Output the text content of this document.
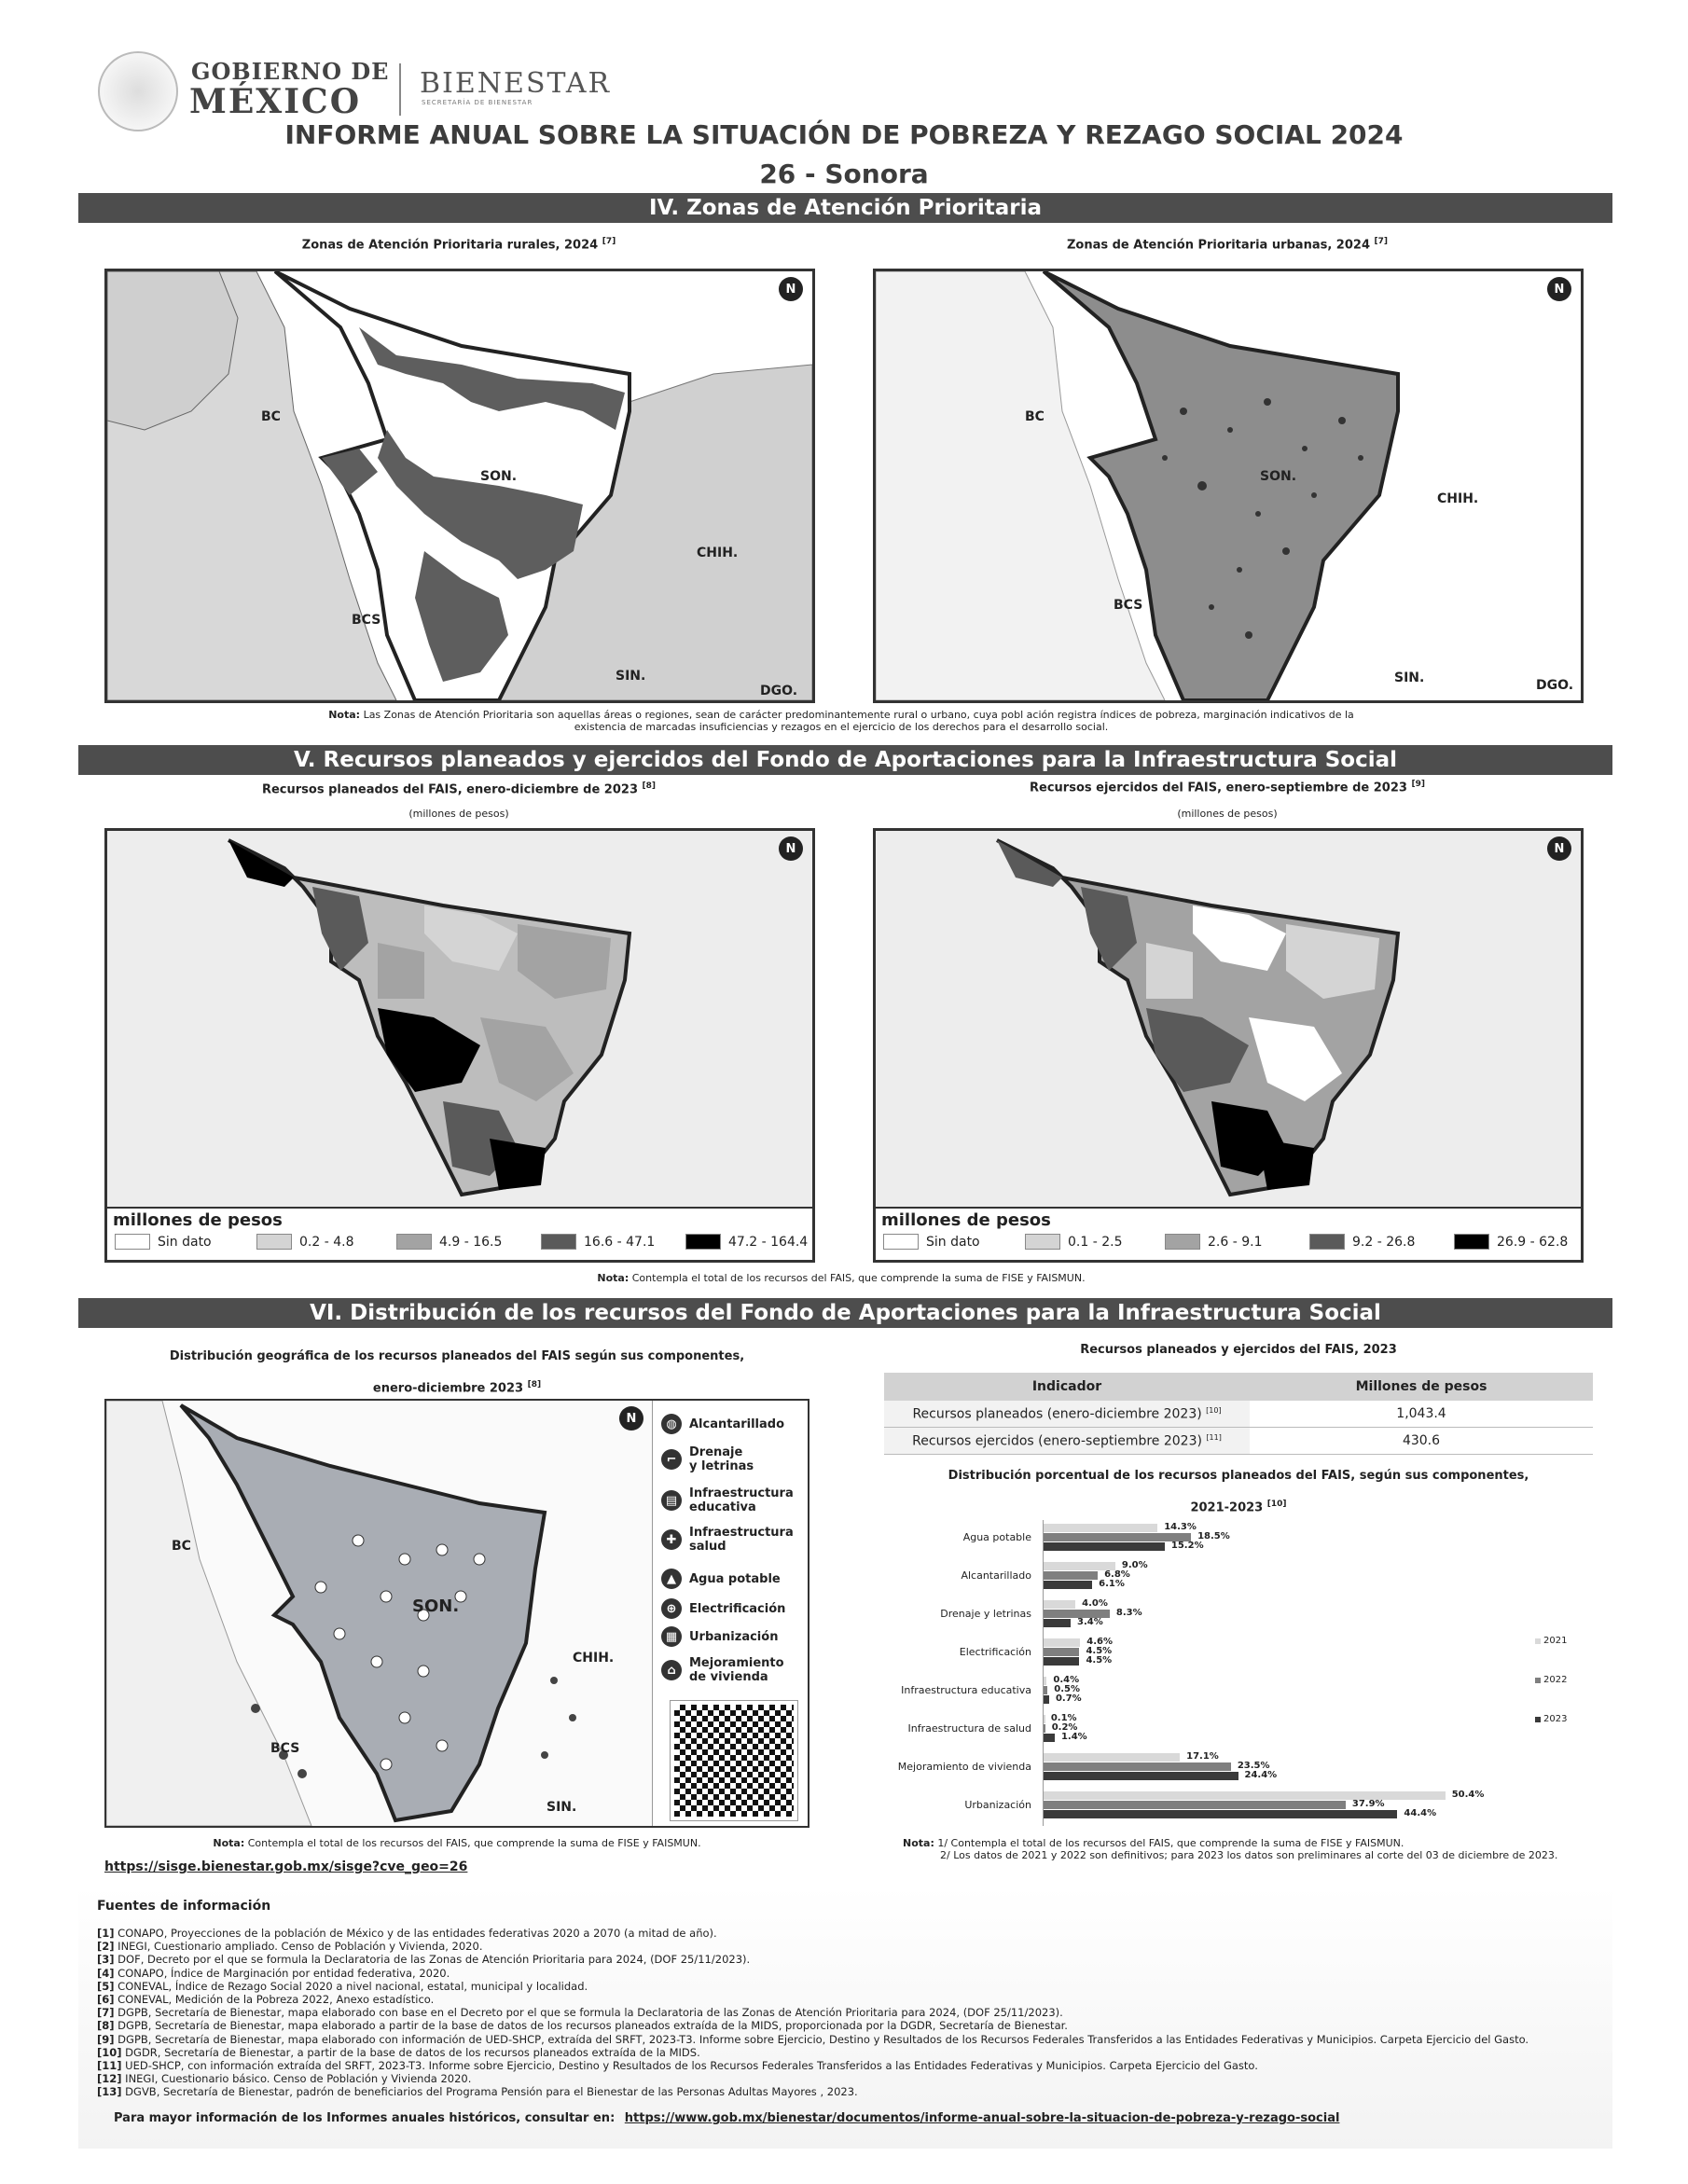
GOBIERNO DE
MÉXICO BIENESTAR
SECRETARÍA DE BIENESTAR
INFORME ANUAL SOBRE LA SITUACIÓN DE POBREZA Y REZAGO SOCIAL 2024
26 - Sonora
IV. Zonas de Atención Prioritaria
Zonas de Atención Prioritaria rurales, 2024 [7]	Zonas de Atención Prioritaria urbanas, 2024 [7]
N
BC
SON.
BCS
CHIH.
SIN.
DGO.
N
BC
SON.
BCS
CHIH.
SIN.	DGO.
Nota: Las Zonas de Atención Prioritaria son aquellas áreas o regiones, sean de carácter predominantemente rural o urbano, cuya pobl ación registra índices de pobreza, marginación indicativos de la
existencia de marcadas insuficiencias y rezagos en el ejercicio de los derechos para el desarrollo social.
V. Recursos planeados y ejercidos del Fondo de Aportaciones para la Infraestructura Social
Recursos planeados del FAIS, enero-diciembre de 2023 [8]
(millones de pesos)
Recursos ejercidos del FAIS, enero-septiembre de 2023 [9]
(millones de pesos)
N
millones de pesos
Sin dato	0.2 - 4.8	4.9 - 16.5	16.6 - 47.1	47.2 - 164.4
N
millones de pesos
Sin dato	0.1 - 2.5	2.6 - 9.1	9.2 - 26.8	26.9 - 62.8
Nota: Contempla el total de los recursos del FAIS, que comprende la suma de FISE y FAISMUN.
VI. Distribución de los recursos del Fondo de Aportaciones para la Infraestructura Social
Distribución geográfica de los recursos planeados del FAIS según sus componentes,
enero-diciembre 2023 [8]
N
BC
SON.
BCS
CHIH.
SIN.
◍	Alcantarillado
⌐	Drenaje
y letrinas
▤ Infraestructura
educativa
✚	Infraestructura
salud
▲	Agua potable
⊕	Electrificación
▦ Urbanización
⌂	Mejoramiento
de vivienda
Nota: Contempla el total de los recursos del FAIS, que comprende la suma de FISE y FAISMUN.
https://sisge.bienestar.gob.mx/sisge?cve_geo=26
Recursos planeados y ejercidos del FAIS, 2023
Indicador	Millones de pesos
Recursos planeados (enero-diciembre 2023) [10]	1,043.4
Recursos ejercidos (enero-septiembre 2023) [11]	430.6
Distribución porcentual de los recursos planeados del FAIS, según sus componentes,
2021-2023 [10]
Agua potable
14.3%
18.5%
15.2%
Alcantarillado
9.0%
6.8%
6.1%
Drenaje y letrinas
4.0%
8.3%
3.4%
Electrificación
4.6%
4.5%
4.5%
Infraestructura educativa
0.4%
0.5%
0.7%
Infraestructura de salud
0.1%
0.2%
1.4%
Mejoramiento de vivienda
17.1%
23.5%
24.4%
Urbanización
50.4%
37.9%
44.4%
2021
2022
2023
Nota: 1/ Contempla el total de los recursos del FAIS, que comprende la suma de FISE y FAISMUN.
2/ Los datos de 2021 y 2022 son definitivos; para 2023 los datos son preliminares al corte del 03 de diciembre de 2023.
Fuentes de información
[1] CONAPO, Proyecciones de la población de México y de las entidades federativas 2020 a 2070 (a mitad de año).
[2] INEGI, Cuestionario ampliado. Censo de Población y Vivienda, 2020.
[3] DOF, Decreto por el que se formula la Declaratoria de las Zonas de Atención Prioritaria para 2024, (DOF 25/11/2023).
[4] CONAPO, Índice de Marginación por entidad federativa, 2020.
[5] CONEVAL, Índice de Rezago Social 2020 a nivel nacional, estatal, municipal y localidad.
[6] CONEVAL, Medición de la Pobreza 2022, Anexo estadístico.
[7] DGPB, Secretaría de Bienestar, mapa elaborado con base en el Decreto por el que se formula la Declaratoria de las Zonas de Atención Prioritaria para 2024, (DOF 25/11/2023).
[8] DGPB, Secretaría de Bienestar, mapa elaborado a partir de la base de datos de los recursos planeados extraída de la MIDS, proporcionada por la DGDR, Secretaría de Bienestar.
[9] DGPB, Secretaría de Bienestar, mapa elaborado con información de UED-SHCP, extraída del SRFT, 2023-T3. Informe sobre Ejercicio, Destino y Resultados de los Recursos Federales Transferidos a las Entidades Federativas y Municipios. Carpeta Ejercicio del Gasto.
[10] DGDR, Secretaría de Bienestar, a partir de la base de datos de los recursos planeados extraída de la MIDS.
[11] UED-SHCP, con información extraída del SRFT, 2023-T3. Informe sobre Ejercicio, Destino y Resultados de los Recursos Federales Transferidos a las Entidades Federativas y Municipios. Carpeta Ejercicio del Gasto.
[12] INEGI, Cuestionario básico. Censo de Población y Vivienda 2020.
[13] DGVB, Secretaría de Bienestar, padrón de beneficiarios del Programa Pensión para el Bienestar de las Personas Adultas Mayores , 2023.
Para mayor información de los Informes anuales históricos, consultar en: https://www.gob.mx/bienestar/documentos/informe-anual-sobre-la-situacion-de-pobreza-y-rezago-social
